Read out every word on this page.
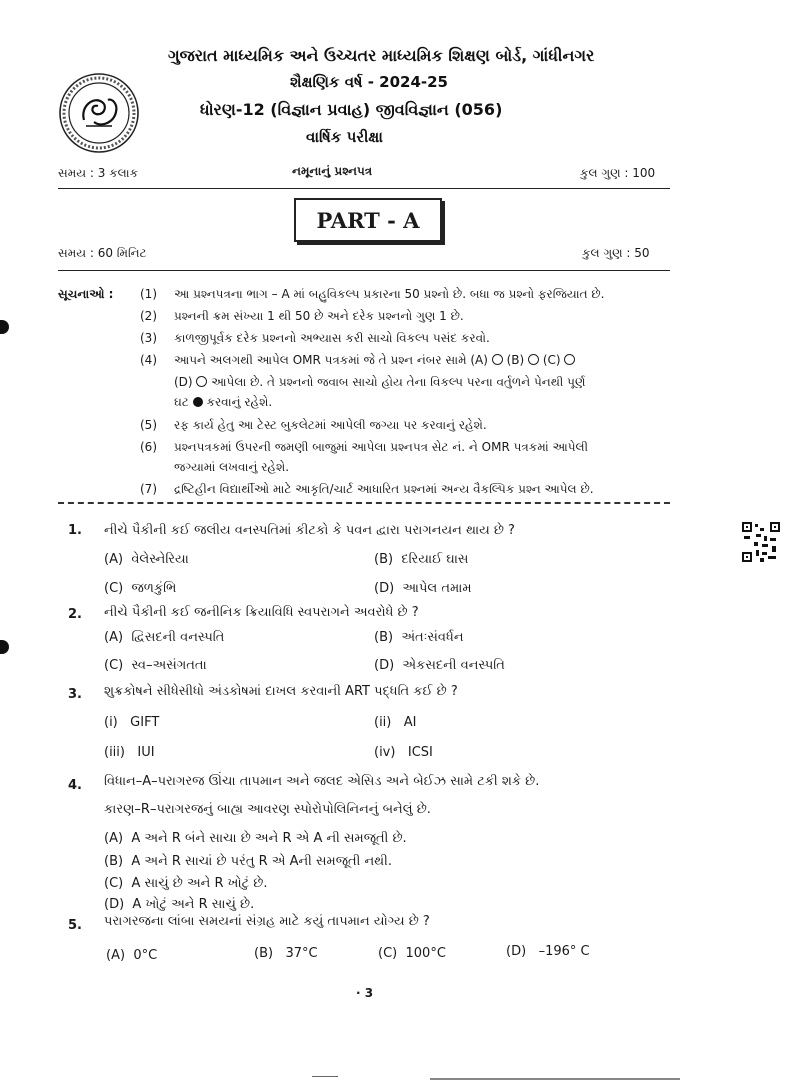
ગુજરાત માધ્યમિક અને ઉચ્ચતર માધ્યમિક શિક્ષણ બોર્ડ, ગાંધીનગર
શૈક્ષણિક વર્ષ - 2024-25
ધોરણ-12 (વિજ્ઞાન પ્રવાહ) જીવવિજ્ઞાન (056)
વાર્ષિક પરીક્ષા
સમય : 3 કલાક	નમૂનાનું પ્રશ્નપત્ર	કુલ ગુણ : 100
PART - A
સમય : 60 મિનિટ	કુલ ગુણ : 50
સૂચનાઓ : (1) આ પ્રશ્નપત્રના ભાગ – A માં બહુવિકલ્પ પ્રકારના 50 પ્રશ્નો છે. બધા જ પ્રશ્નો ફરજિયાત છે.
(2) પ્રશ્નની ક્રમ સંખ્યા 1 થી 50 છે અને દરેક પ્રશ્નનો ગુણ 1 છે.
(3) કાળજીપૂર્વક દરેક પ્રશ્નનો અભ્યાસ કરી સાચો વિકલ્પ પસંદ કરવો.
(4) આપને અલગથી આપેલ OMR પત્રકમાં જે તે પ્રશ્ન નંબર સામે (A) (B) (C)
(D) આપેલા છે. તે પ્રશ્નનો જવાબ સાચો હોય તેના વિકલ્પ પરના વર્તુળને પેનથી પૂર્ણ
ઘટ કરવાનું રહેશે.
(5) રફ કાર્ય હેતુ આ ટેસ્ટ બુકલેટમાં આપેલી જગ્યા પર કરવાનું રહેશે.
(6) પ્રશ્નપત્રકમાં ઉપરની જમણી બાજુમાં આપેલા પ્રશ્નપત્ર સેટ નં. ને OMR પત્રકમાં આપેલી
જગ્યામાં લખવાનું રહેશે.
(7) દ્રષ્ટિહીન વિદ્યાર્થીઓ માટે આકૃતિ/ચાર્ટ આધારિત પ્રશ્નમાં અન્ય વૈકલ્પિક પ્રશ્ન આપેલ છે.
1. નીચે પૈકીની કઈ જલીય વનસ્પતિમાં કીટકો કે પવન દ્વારા પરાગનયન થાય છે ?
(A) વેલેસ્નેરિયા	(B) દરિયાઈ ઘાસ
(C) જળકુંભિ	(D) આપેલ તમામ
2. નીચે પૈકીની કઈ જનીનિક ક્રિયાવિધિ સ્વપરાગને અવરોધે છે ?
(A) દ્વિસદની વનસ્પતિ	(B) અંતઃસંવર્ધન
(C) સ્વ–અસંગતતા	(D) એકસદની વનસ્પતિ
3. શુક્રકોષને સીધેસીધો અંડકોષમાં દાખલ કરવાની ART પદ્ધતિ કઈ છે ?
(i) GIFT	(ii) AI
(iii) IUI	(iv) ICSI
4. વિધાન–A–પરાગરજ ઊંચા તાપમાન અને જલદ એસિડ અને બેઈઝ સામે ટકી શકે છે.
કારણ–R–પરાગરજનું બાહ્ય આવરણ સ્પોરોપોલિનિનનું બનેલું છે.
(A) A અને R બંને સાચા છે અને R એ A ની સમજૂતી છે.
(B) A અને R સાચાં છે પરંતુ R એ Aની સમજૂતી નથી.
(C) A સાચું છે અને R ખોટું છે.
(D) A ખોટું અને R સાચું છે.
5. પરાગરજના લાંબા સમયનાં સંગ્રહ માટે કયું તાપમાન યોગ્ય છે ?
(A) 0°C	(B) 37°C	(C) 100°C	(D) –196° C
· 3
